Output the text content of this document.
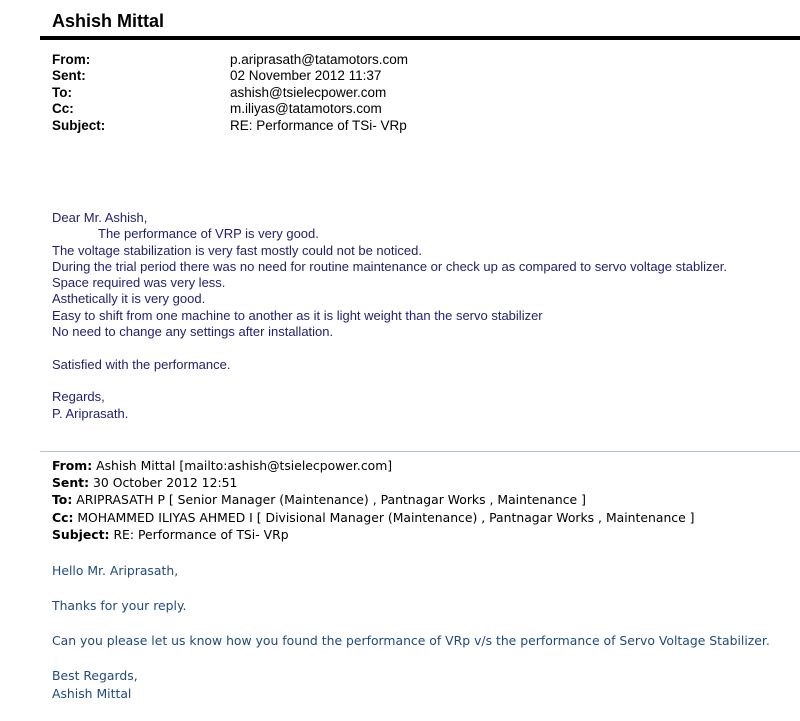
Ashish Mittal
From:	p.ariprasath@tatamotors.com
Sent:	02 November 2012 11:37
To:	ashish@tsielecpower.com
Cc:	m.iliyas@tatamotors.com
Subject:	RE: Performance of TSi- VRp
Dear Mr. Ashish,
The performance of VRP is very good.
The voltage stabilization is very fast mostly could not be noticed.
During the trial period there was no need for routine maintenance or check up as compared to servo voltage stablizer.
Space required was very less.
Asthetically it is very good.
Easy to shift from one machine to another as it is light weight than the servo stabilizer
No need to change any settings after installation.
Satisfied with the performance.
Regards,
P. Ariprasath.
From: Ashish Mittal [mailto:ashish@tsielecpower.com]
Sent: 30 October 2012 12:51
To: ARIPRASATH P [ Senior Manager (Maintenance) , Pantnagar Works , Maintenance ]
Cc: MOHAMMED ILIYAS AHMED I [ Divisional Manager (Maintenance) , Pantnagar Works , Maintenance ]
Subject: RE: Performance of TSi- VRp
Hello Mr. Ariprasath,
Thanks for your reply.
Can you please let us know how you found the performance of VRp v/s the performance of Servo Voltage Stabilizer.
Best Regards,
Ashish Mittal
